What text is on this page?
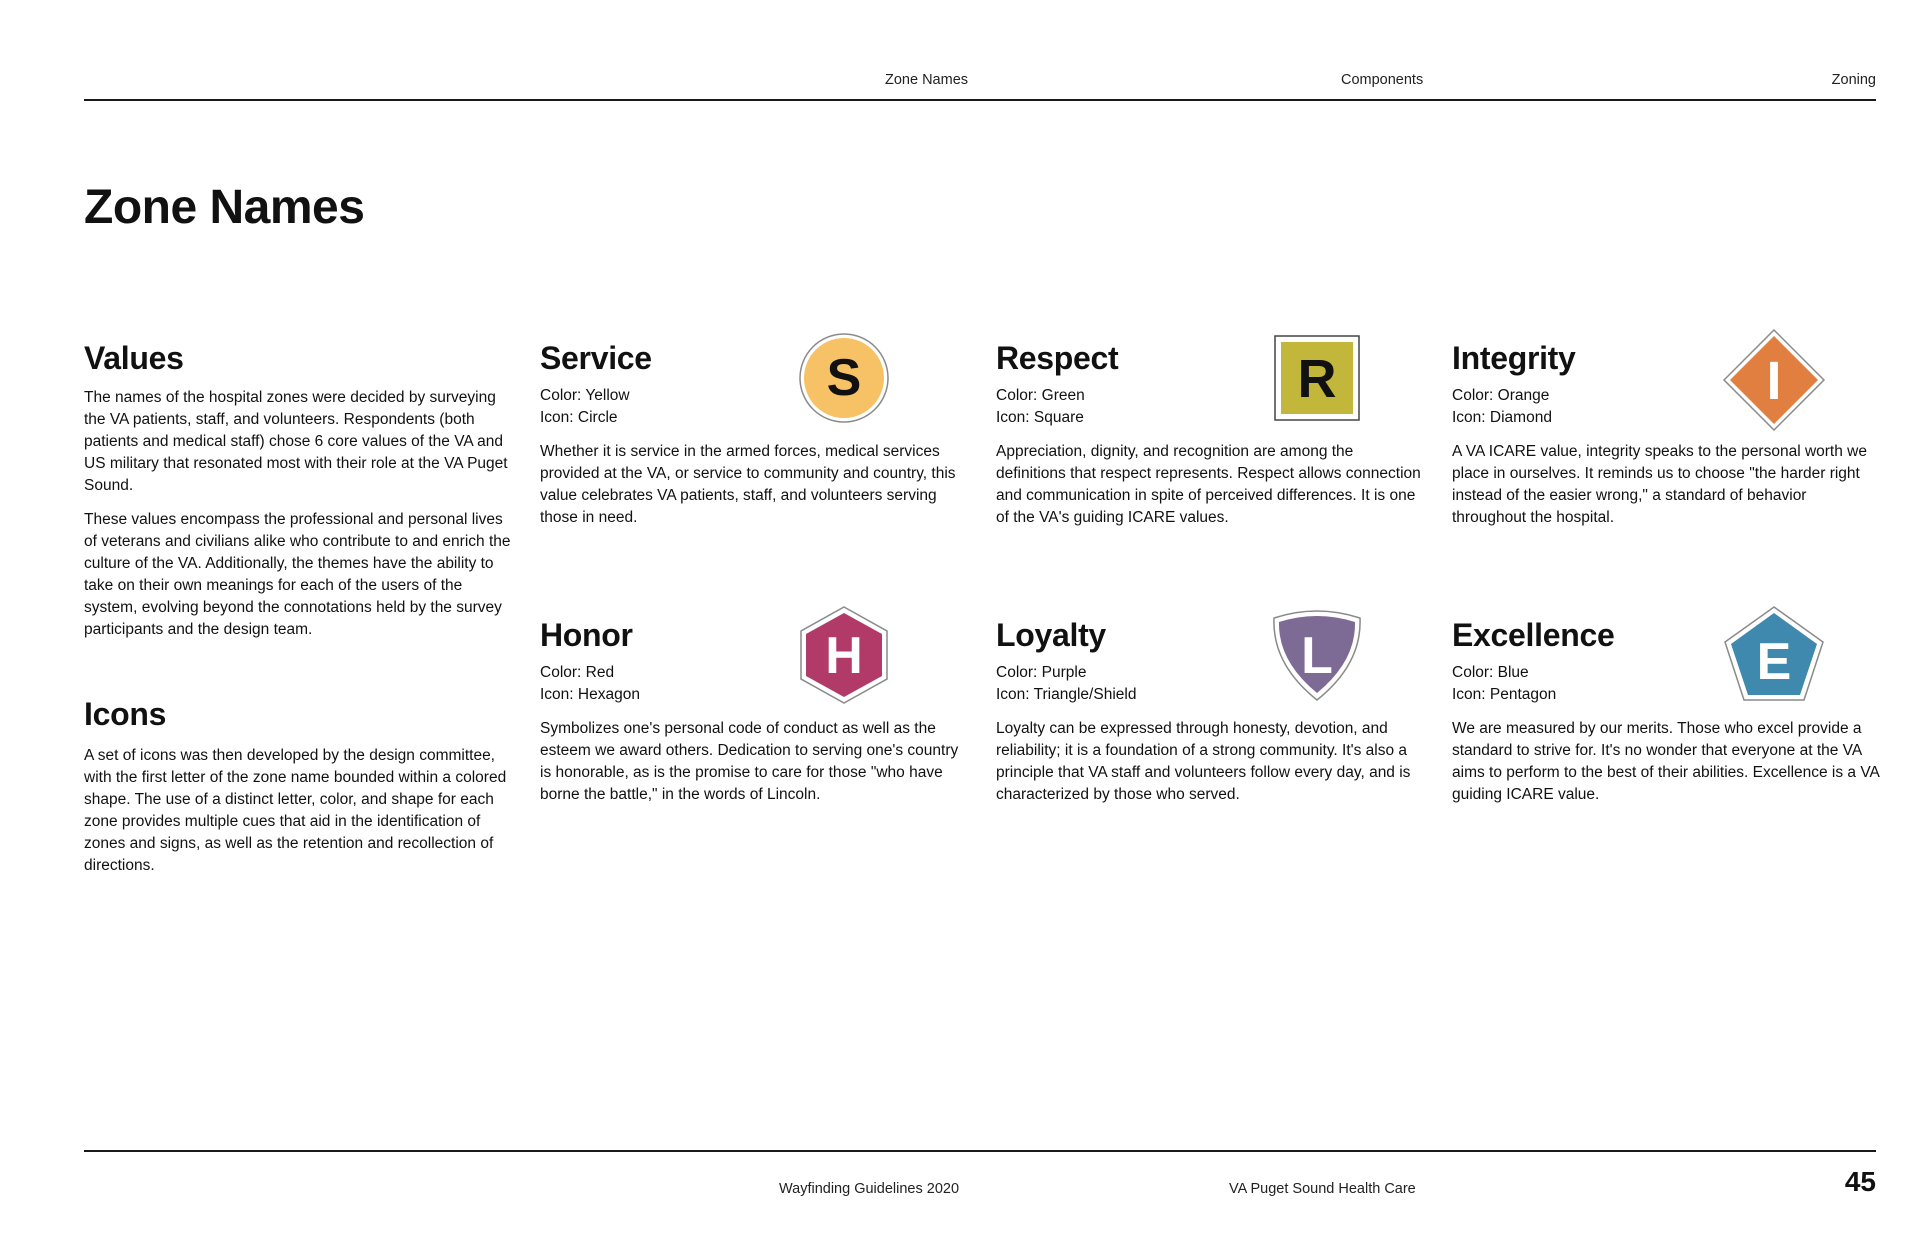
Zone Names	Components	Zoning
Zone Names
Values

The names of the hospital zones were decided by surveying the VA patients, staff, and volunteers. Respondents (both patients and medical staff) chose 6 core values of the VA and US military that resonated most with their role at the VA Puget Sound.

These values encompass the professional and personal lives of veterans and civilians alike who contribute to and enrich the culture of the VA. Additionally, the themes have the ability to take on their own meanings for each of the users of the system, evolving beyond the connotations held by the survey participants and the design team.

Icons

A set of icons was then developed by the design committee, with the first letter of the zone name bounded within a colored shape. The use of a distinct letter, color, and shape for each zone provides multiple cues that aid in the identification of zones and signs, as well as the retention and recollection of directions.

Service

Color: Yellow

Icon: Circle

Whether it is service in the armed forces, medical services provided at the VA, or service to community and country, this value celebrates VA patients, staff, and volunteers serving those in need.

S	Respect

Color: Green

Icon: Square

Appreciation, dignity, and recognition are among the definitions that respect represents. Respect allows connection and communication in spite of perceived differences. It is one of the VA's guiding ICARE values.

R	Integrity

Color: Orange

Icon: Diamond

A VA ICARE value, integrity speaks to the personal worth we place in ourselves. It reminds us to choose "the harder right instead of the easier wrong," a standard of behavior throughout the hospital.

I
Honor

Color: Red

Icon: Hexagon

Symbolizes one's personal code of conduct as well as the esteem we award others. Dedication to serving one's country is honorable, as is the promise to care for those "who have borne the battle," in the words of Lincoln.

H	Loyalty

Color: Purple

Icon: Triangle/Shield

Loyalty can be expressed through honesty, devotion, and reliability; it is a foundation of a strong community. It's also a principle that VA staff and volunteers follow every day, and is characterized by those who served.

L	Excellence

Color: Blue

Icon: Pentagon

We are measured by our merits. Those who excel provide a standard to strive for. It's no wonder that everyone at the VA aims to perform to the best of their abilities. Excellence is a VA guiding ICARE value.

E
Wayfinding Guidelines 2020	VA Puget Sound Health Care	45
